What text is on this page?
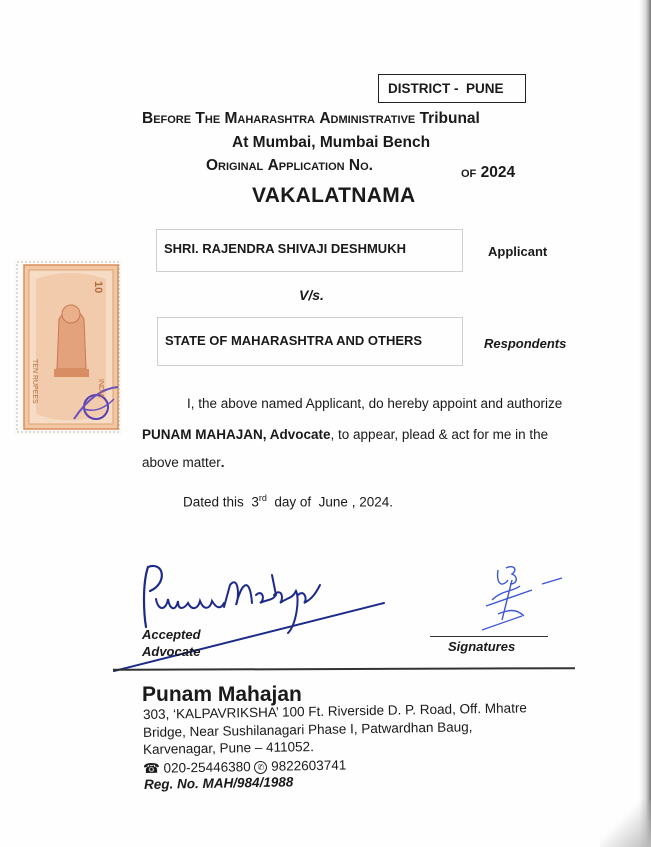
DISTRICT - PUNE
Before The Maharashtra Administrative Tribunal
At Mumbai, Mumbai Bench
Original Application No.	of 2024
VAKALATNAMA
SHRI. RAJENDRA SHIVAJI DESHMUKH	Applicant
V/s.
STATE OF MAHARASHTRA AND OTHERS	Respondents
10
TEN RUPEES	INDIA
I, the above named Applicant, do hereby appoint and authorize
PUNAM MAHAJAN, Advocate, to appear, plead & act for me in the
above matter.
Dated this 3rd day of June , 2024.
Accepted
Advocate	Signatures
Punam Mahajan
303, ‘KALPAVRIKSHA’ 100 Ft. Riverside D. P. Road, Off. Mhatre
Bridge, Near Sushilanagari Phase I, Patwardhan Baug,
Karvenagar, Pune – 411052.
☎ 020-25446380 ✆ 9822603741
Reg. No. MAH/984/1988
